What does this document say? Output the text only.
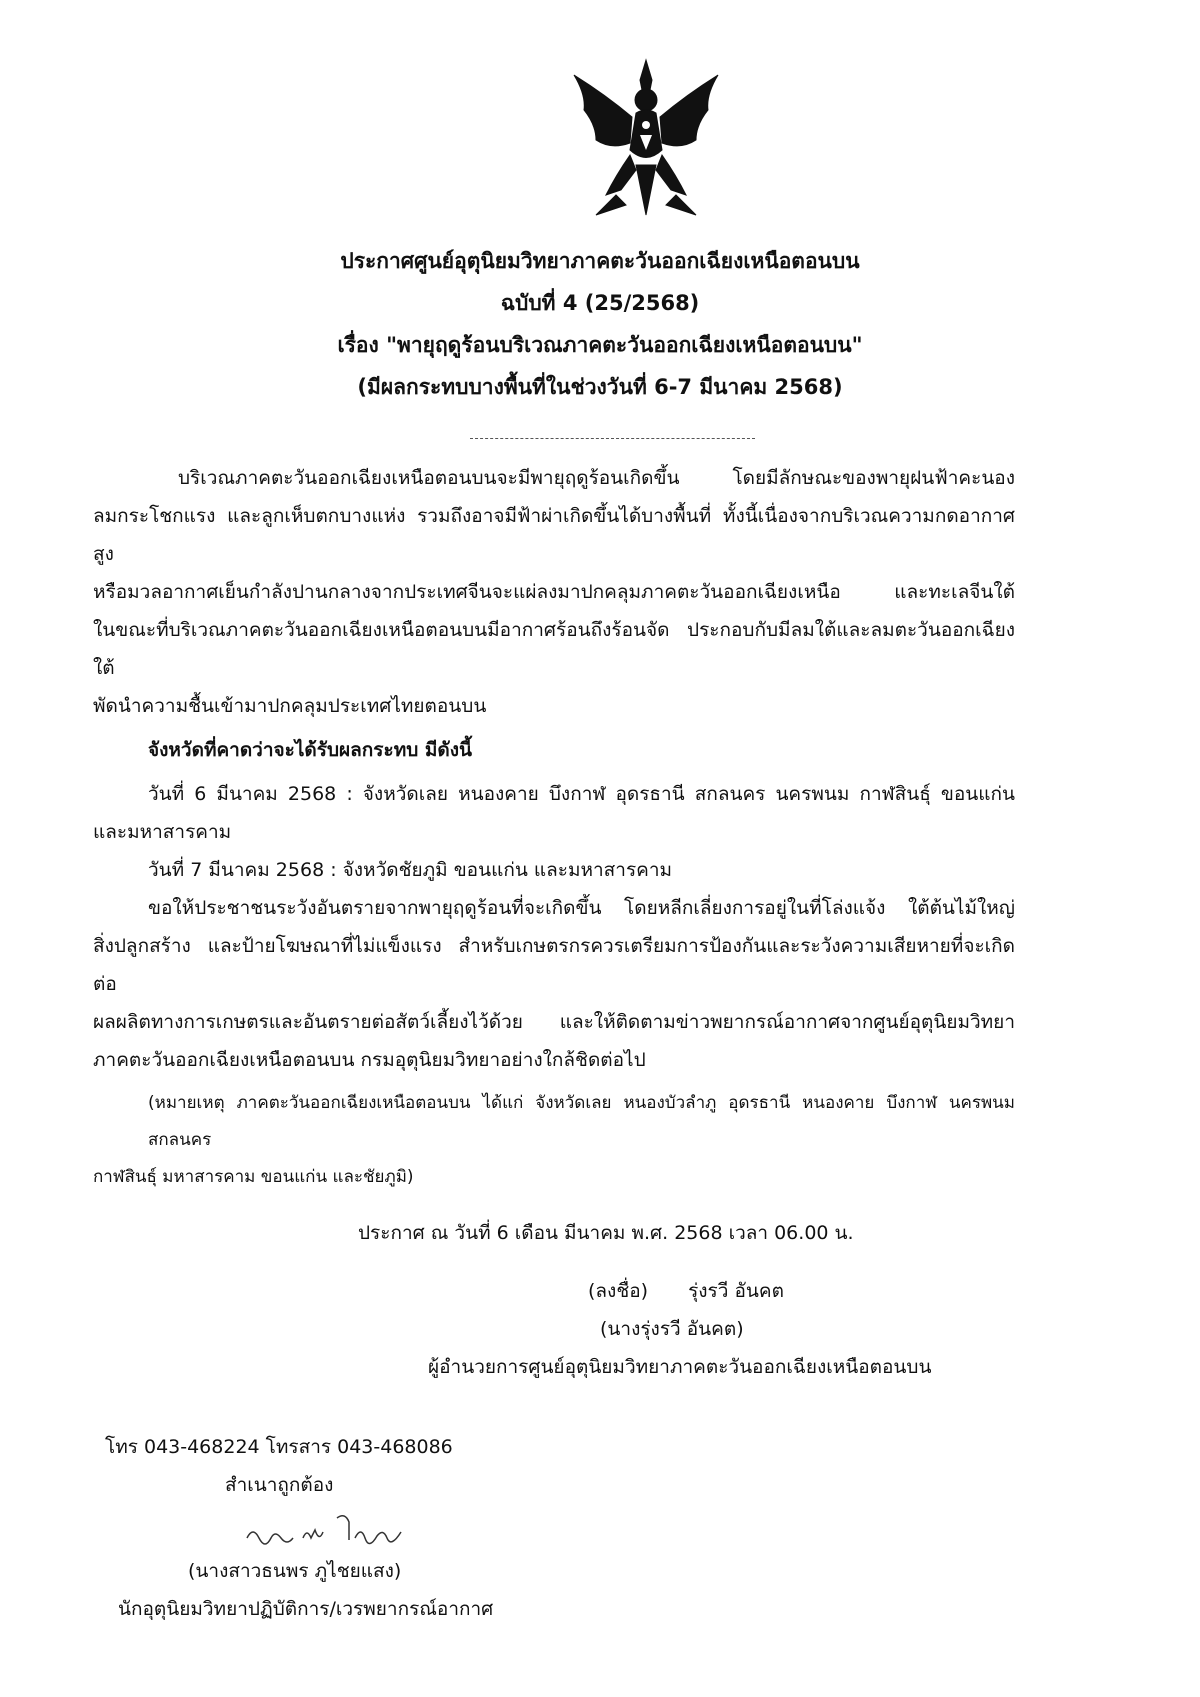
ประกาศศูนย์อุตุนิยมวิทยาภาคตะวันออกเฉียงเหนือตอนบน
ฉบับที่ 4 (25/2568)
เรื่อง "พายุฤดูร้อนบริเวณภาคตะวันออกเฉียงเหนือตอนบน"
(มีผลกระทบบางพื้นที่ในช่วงวันที่ 6-7 มีนาคม 2568)
บริเวณภาคตะวันออกเฉียงเหนือตอนบนจะมีพายุฤดูร้อนเกิดขึ้น โดยมีลักษณะของพายุฝนฟ้าคะนอง
ลมกระโชกแรง และลูกเห็บตกบางแห่ง รวมถึงอาจมีฟ้าผ่าเกิดขึ้นได้บางพื้นที่ ทั้งนี้เนื่องจากบริเวณความกดอากาศสูง
หรือมวลอากาศเย็นกำลังปานกลางจากประเทศจีนจะแผ่ลงมาปกคลุมภาคตะวันออกเฉียงเหนือ และทะเลจีนใต้
ในขณะที่บริเวณภาคตะวันออกเฉียงเหนือตอนบนมีอากาศร้อนถึงร้อนจัด ประกอบกับมีลมใต้และลมตะวันออกเฉียงใต้
พัดนำความชื้นเข้ามาปกคลุมประเทศไทยตอนบน
จังหวัดที่คาดว่าจะได้รับผลกระทบ มีดังนี้
วันที่ 6 มีนาคม 2568 : จังหวัดเลย หนองคาย บึงกาฬ อุดรธานี สกลนคร นครพนม กาฬสินธุ์ ขอนแก่น
และมหาสารคาม
วันที่ 7 มีนาคม 2568 : จังหวัดชัยภูมิ ขอนแก่น และมหาสารคาม
ขอให้ประชาชนระวังอันตรายจากพายุฤดูร้อนที่จะเกิดขึ้น โดยหลีกเลี่ยงการอยู่ในที่โล่งแจ้ง ใต้ต้นไม้ใหญ่
สิ่งปลูกสร้าง และป้ายโฆษณาที่ไม่แข็งแรง สำหรับเกษตรกรควรเตรียมการป้องกันและระวังความเสียหายที่จะเกิดต่อ
ผลผลิตทางการเกษตรและอันตรายต่อสัตว์เลี้ยงไว้ด้วย และให้ติดตามข่าวพยากรณ์อากาศจากศูนย์อุตุนิยมวิทยา
ภาคตะวันออกเฉียงเหนือตอนบน กรมอุตุนิยมวิทยาอย่างใกล้ชิดต่อไป
(หมายเหตุ ภาคตะวันออกเฉียงเหนือตอนบน ได้แก่ จังหวัดเลย หนองบัวลำภู อุดรธานี หนองคาย บึงกาฬ นครพนม สกลนคร
กาฬสินธุ์ มหาสารคาม ขอนแก่น และชัยภูมิ)
ประกาศ ณ วันที่ 6 เดือน มีนาคม พ.ศ. 2568 เวลา 06.00 น.
(ลงชื่อ) รุ่งรวี อันคต
(นางรุ่งรวี อันคต)
ผู้อำนวยการศูนย์อุตุนิยมวิทยาภาคตะวันออกเฉียงเหนือตอนบน
โทร 043-468224 โทรสาร 043-468086
สำเนาถูกต้อง
(นางสาวธนพร ภูไชยแสง)
นักอุตุนิยมวิทยาปฏิบัติการ/เวรพยากรณ์อากาศ
